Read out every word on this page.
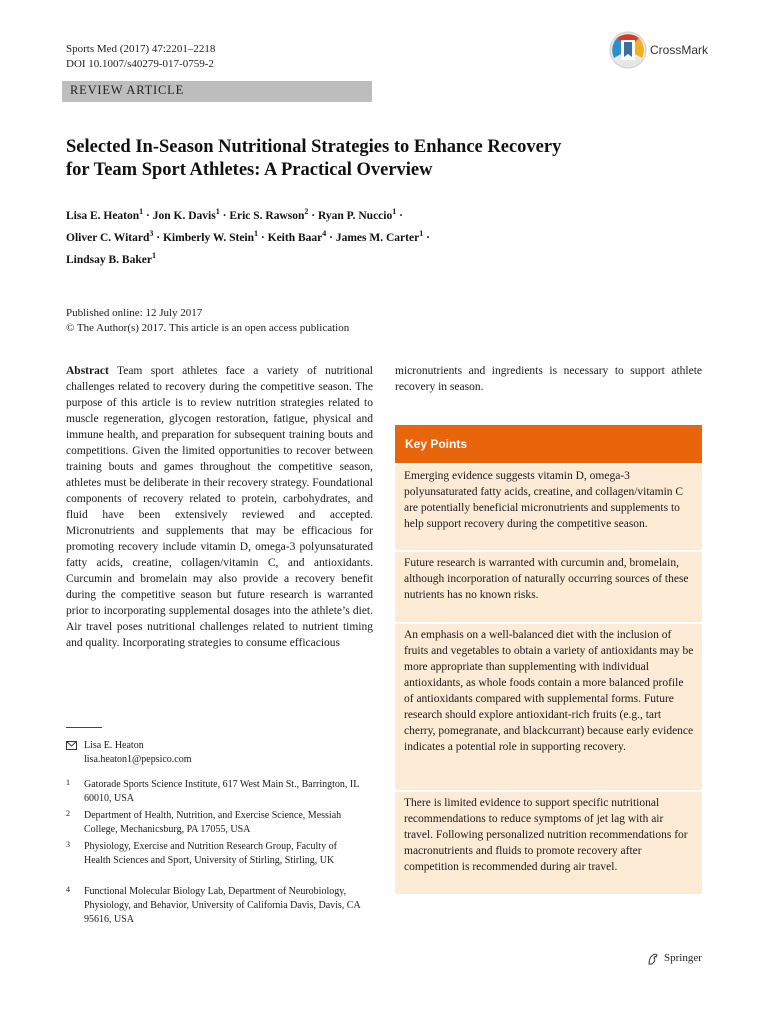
Sports Med (2017) 47:2201–2218
DOI 10.1007/s40279-017-0759-2
CrossMark
REVIEW ARTICLE
Selected In-Season Nutritional Strategies to Enhance Recovery
for Team Sport Athletes: A Practical Overview
Lisa E. Heaton$^1$ · Jon K. Davis$^1$ · Eric S. Rawson$^2$ · Ryan P. Nuccio$^1$ ·
Oliver C. Witard$^3$ · Kimberly W. Stein$^1$ · Keith Baar$^4$ · James M. Carter$^1$ ·
Lindsay B. Baker$^1$
Published online: 12 July 2017
© The Author(s) 2017. This article is an open access publication
Abstract Team sport athletes face a variety of nutritional challenges related to recovery during the competitive season. The purpose of this article is to review nutrition strategies related to muscle regeneration, glycogen restoration, fatigue, physical and immune health, and preparation for subsequent training bouts and competitions. Given the limited opportunities to recover between training bouts and games throughout the competitive season, athletes must be deliberate in their recovery strategy. Foundational components of recovery related to protein, carbohydrates, and fluid have been extensively reviewed and accepted. Micronutrients and supplements that may be efficacious for promoting recovery include vitamin D, omega-3 polyunsaturated fatty acids, creatine, collagen/vitamin C, and antioxidants. Curcumin and bromelain may also provide a recovery benefit during the competitive season but future research is warranted prior to incorporating supplemental dosages into the athlete’s diet. Air travel poses nutritional challenges related to nutrient timing and quality. Incorporating strategies to consume efficacious
micronutrients and ingredients is necessary to support athlete recovery in season.
Lisa E. Heaton
lisa.heaton1@pepsico.com
1 Gatorade Sports Science Institute, 617 West Main St., Barrington, IL 60010, USA
2 Department of Health, Nutrition, and Exercise Science, Messiah College, Mechanicsburg, PA 17055, USA
3 Physiology, Exercise and Nutrition Research Group, Faculty of Health Sciences and Sport, University of Stirling, Stirling, UK
4 Functional Molecular Biology Lab, Department of Neurobiology, Physiology, and Behavior, University of California Davis, Davis, CA 95616, USA
Key Points
Emerging evidence suggests vitamin D, omega-3 polyunsaturated fatty acids, creatine, and collagen/vitamin C are potentially beneficial micronutrients and supplements to help support recovery during the competitive season.
Future research is warranted with curcumin and, bromelain, although incorporation of naturally occurring sources of these nutrients has no known risks.
An emphasis on a well-balanced diet with the inclusion of fruits and vegetables to obtain a variety of antioxidants may be more appropriate than supplementing with individual antioxidants, as whole foods contain a more balanced profile of antioxidants compared with supplemental forms. Future research should explore antioxidant-rich fruits (e.g., tart cherry, pomegranate, and blackcurrant) because early evidence indicates a potential role in supporting recovery.
There is limited evidence to support specific nutritional recommendations to reduce symptoms of jet lag with air travel. Following personalized nutrition recommendations for macronutrients and fluids to promote recovery after competition is recommended during air travel.
Springer
